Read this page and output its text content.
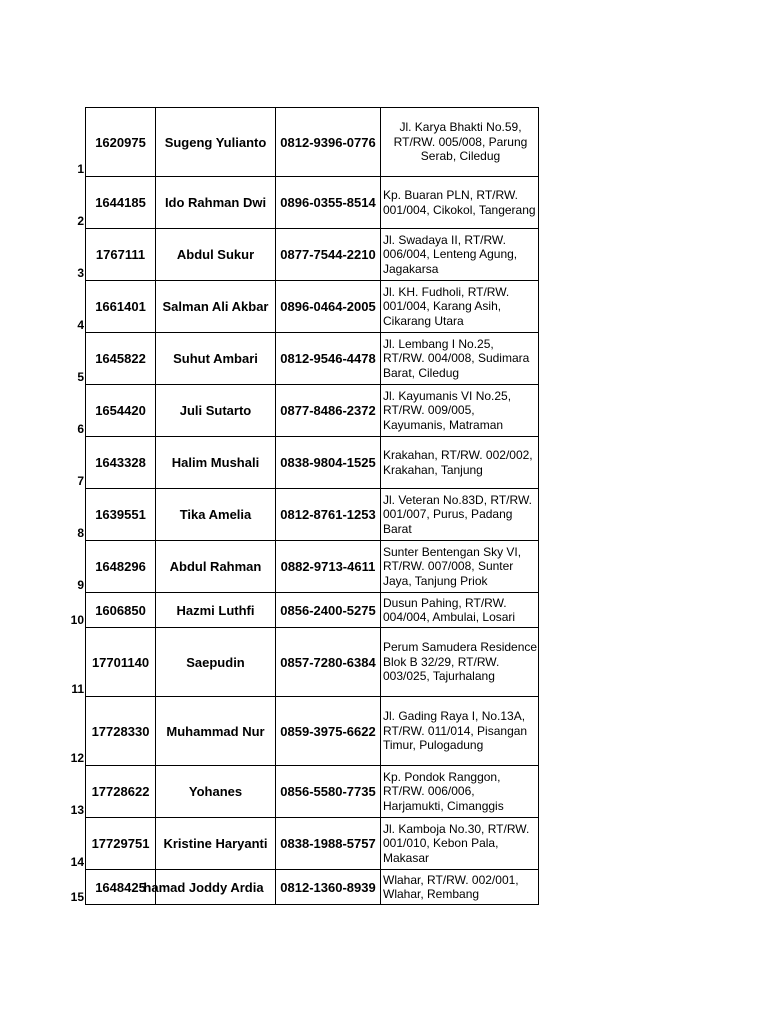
1	1620975	Sugeng Yulianto	0812-9396-0776	Jl. Karya Bhakti No.59, RT/RW. 005/008, Parung Serab, Ciledug
2	1644185	Ido Rahman Dwi	0896-0355-8514	Kp. Buaran PLN, RT/RW. 001/004, Cikokol, Tangerang
3	1767111	Abdul Sukur	0877-7544-2210	Jl. Swadaya II, RT/RW. 006/004, Lenteng Agung, Jagakarsa
4	1661401	Salman Ali Akbar	0896-0464-2005	Jl. KH. Fudholi, RT/RW. 001/004, Karang Asih, Cikarang Utara
5	1645822	Suhut Ambari	0812-9546-4478	Jl. Lembang I No.25, RT/RW. 004/008, Sudimara Barat, Ciledug
6	1654420	Juli Sutarto	0877-8486-2372	Jl. Kayumanis VI No.25, RT/RW. 009/005, Kayumanis, Matraman
7	1643328	Halim Mushali	0838-9804-1525	Krakahan, RT/RW. 002/002, Krakahan, Tanjung
8	1639551	Tika Amelia	0812-8761-1253	Jl. Veteran No.83D, RT/RW. 001/007, Purus, Padang Barat
9	1648296	Abdul Rahman	0882-9713-4611	Sunter Bentengan Sky VI, RT/RW. 007/008, Sunter Jaya, Tanjung Priok
10	1606850	Hazmi Luthfi	0856-2400-5275	Dusun Pahing, RT/RW. 004/004, Ambulai, Losari
11	17701140	Saepudin	0857-7280-6384	Perum Samudera Residence Blok B 32/29, RT/RW. 003/025, Tajurhalang
12	17728330	Muhammad Nur	0859-3975-6622	Jl. Gading Raya I, No.13A, RT/RW. 011/014, Pisangan Timur, Pulogadung
13	17728622	Yohanes	0856-5580-7735	Kp. Pondok Ranggon, RT/RW. 006/006, Harjamukti, Cimanggis
14	17729751	Kristine Haryanti	0838-1988-5757	Jl. Kamboja No.30, RT/RW. 001/010, Kebon Pala, Makasar
15	1648425	hamad Joddy Ardia	0812-1360-8939	Wlahar, RT/RW. 002/001, Wlahar, Rembang
